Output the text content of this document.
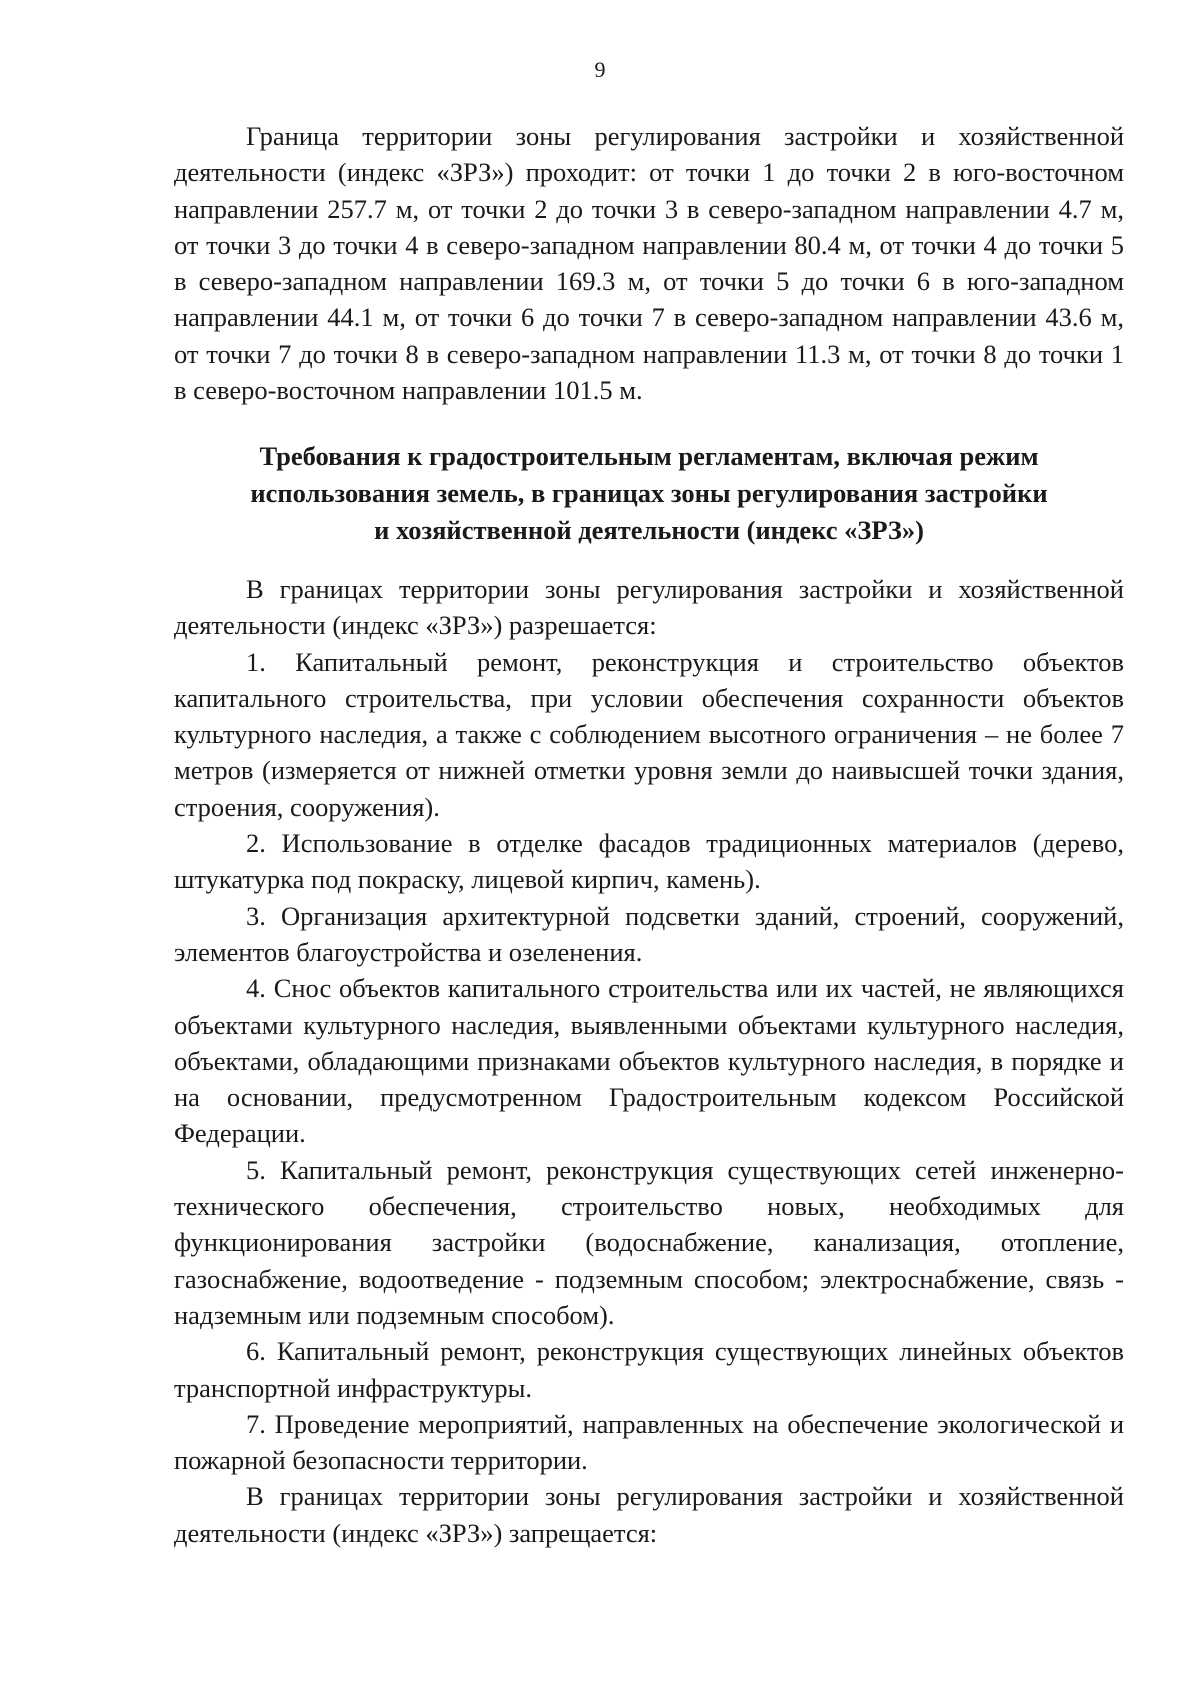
9

Граница территории зоны регулирования застройки и хозяйственной деятельности (индекс «ЗРЗ») проходит: от точки 1 до точки 2 в юго-восточном направлении 257.7 м, от точки 2 до точки 3 в северо-западном направлении 4.7 м, от точки 3 до точки 4 в северо-западном направлении 80.4 м, от точки 4 до точки 5 в северо-западном направлении 169.3 м, от точки 5 до точки 6 в юго-западном направлении 44.1 м, от точки 6 до точки 7 в северо-западном направлении 43.6 м, от точки 7 до точки 8 в северо-западном направлении 11.3 м, от точки 8 до точки 1 в северо-восточном направлении 101.5 м.

Требования к градостроительным регламентам, включая режим
использования земель, в границах зоны регулирования застройки
и хозяйственной деятельности (индекс «ЗРЗ»)

В границах территории зоны регулирования застройки и хозяйственной деятельности (индекс «ЗРЗ») разрешается:

1. Капитальный ремонт, реконструкция и строительство объектов капитального строительства, при условии обеспечения сохранности объектов культурного наследия, а также с соблюдением высотного ограничения – не более 7 метров (измеряется от нижней отметки уровня земли до наивысшей точки здания, строения, сооружения).

2. Использование в отделке фасадов традиционных материалов (дерево, штукатурка под покраску, лицевой кирпич, камень).

3. Организация архитектурной подсветки зданий, строений, сооружений, элементов благоустройства и озеленения.

4. Снос объектов капитального строительства или их частей, не являющихся объектами культурного наследия, выявленными объектами культурного наследия, объектами, обладающими признаками объектов культурного наследия, в порядке и на основании, предусмотренном Градостроительным кодексом Российской Федерации.

5. Капитальный ремонт, реконструкция существующих сетей инженерно-технического обеспечения, строительство новых, необходимых для функционирования застройки (водоснабжение, канализация, отопление, газоснабжение, водоотведение - подземным способом; электроснабжение, связь - надземным или подземным способом).

6. Капитальный ремонт, реконструкция существующих линейных объектов транспортной инфраструктуры.

7. Проведение мероприятий, направленных на обеспечение экологической и пожарной безопасности территории.

В границах территории зоны регулирования застройки и хозяйственной деятельности (индекс «ЗРЗ») запрещается:
